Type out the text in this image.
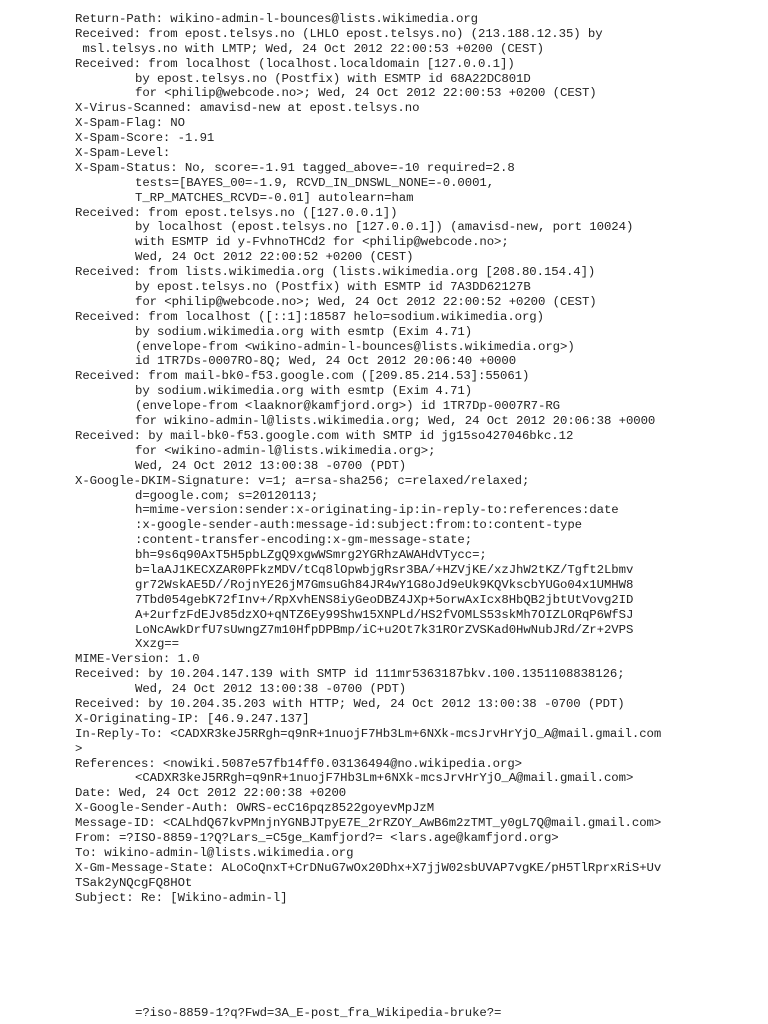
Return-Path: wikino-admin-l-bounces@lists.wikimedia.org
Received: from epost.telsys.no (LHLO epost.telsys.no) (213.188.12.35) by
msl.telsys.no with LMTP; Wed, 24 Oct 2012 22:00:53 +0200 (CEST)
Received: from localhost (localhost.localdomain [127.0.0.1])
by epost.telsys.no (Postfix) with ESMTP id 68A22DC801D
for <philip@webcode.no>; Wed, 24 Oct 2012 22:00:53 +0200 (CEST)
X-Virus-Scanned: amavisd-new at epost.telsys.no
X-Spam-Flag: NO
X-Spam-Score: -1.91
X-Spam-Level:
X-Spam-Status: No, score=-1.91 tagged_above=-10 required=2.8
tests=[BAYES_00=-1.9, RCVD_IN_DNSWL_NONE=-0.0001,
T_RP_MATCHES_RCVD=-0.01] autolearn=ham
Received: from epost.telsys.no ([127.0.0.1])
by localhost (epost.telsys.no [127.0.0.1]) (amavisd-new, port 10024)
with ESMTP id y-FvhnoTHCd2 for <philip@webcode.no>;
Wed, 24 Oct 2012 22:00:52 +0200 (CEST)
Received: from lists.wikimedia.org (lists.wikimedia.org [208.80.154.4])
by epost.telsys.no (Postfix) with ESMTP id 7A3DD62127B
for <philip@webcode.no>; Wed, 24 Oct 2012 22:00:52 +0200 (CEST)
Received: from localhost ([::1]:18587 helo=sodium.wikimedia.org)
by sodium.wikimedia.org with esmtp (Exim 4.71)
(envelope-from <wikino-admin-l-bounces@lists.wikimedia.org>)
id 1TR7Ds-0007RO-8Q; Wed, 24 Oct 2012 20:06:40 +0000
Received: from mail-bk0-f53.google.com ([209.85.214.53]:55061)
by sodium.wikimedia.org with esmtp (Exim 4.71)
(envelope-from <laaknor@kamfjord.org>) id 1TR7Dp-0007R7-RG
for wikino-admin-l@lists.wikimedia.org; Wed, 24 Oct 2012 20:06:38 +0000
Received: by mail-bk0-f53.google.com with SMTP id jg15so427046bkc.12
for <wikino-admin-l@lists.wikimedia.org>;
Wed, 24 Oct 2012 13:00:38 -0700 (PDT)
X-Google-DKIM-Signature: v=1; a=rsa-sha256; c=relaxed/relaxed;
d=google.com; s=20120113;
h=mime-version:sender:x-originating-ip:in-reply-to:references:date
:x-google-sender-auth:message-id:subject:from:to:content-type
:content-transfer-encoding:x-gm-message-state;
bh=9s6q90AxT5H5pbLZgQ9xgwWSmrg2YGRhzAWAHdVTycc=;
b=laAJ1KECXZAR0PFkzMDV/tCq8lOpwbjgRsr3BA/+HZVjKE/xzJhW2tKZ/Tgft2Lbmv
gr72WskAE5D//RojnYE26jM7GmsuGh84JR4wY1G8oJd9eUk9KQVkscbYUGo04x1UMHW8
7Tbd054gebK72fInv+/RpXvhENS8iyGeoDBZ4JXp+5orwAxIcx8HbQB2jbtUtVovg2ID
A+2urfzFdEJv85dzXO+qNTZ6Ey99Shw15XNPLd/HS2fVOMLS53skMh7OIZLORqP6WfSJ
LoNcAwkDrfU7sUwngZ7m10HfpDPBmp/iC+u2Ot7k31ROrZVSKad0HwNubJRd/Zr+2VPS
Xxzg==
MIME-Version: 1.0
Received: by 10.204.147.139 with SMTP id 111mr5363187bkv.100.1351108838126;
Wed, 24 Oct 2012 13:00:38 -0700 (PDT)
Received: by 10.204.35.203 with HTTP; Wed, 24 Oct 2012 13:00:38 -0700 (PDT)
X-Originating-IP: [46.9.247.137]
In-Reply-To: <CADXR3keJ5RRgh=q9nR+1nuojF7Hb3Lm+6NXk-mcsJrvHrYjO_A@mail.gmail.com
>
References: <nowiki.5087e57fb14ff0.03136494@no.wikipedia.org>
<CADXR3keJ5RRgh=q9nR+1nuojF7Hb3Lm+6NXk-mcsJrvHrYjO_A@mail.gmail.com>
Date: Wed, 24 Oct 2012 22:00:38 +0200
X-Google-Sender-Auth: OWRS-ecC16pqz8522goyevMpJzM
Message-ID: <CALhdQ67kvPMnjnYGNBJTpyE7E_2rRZOY_AwB6m2zTMT_y0gL7Q@mail.gmail.com>
From: =?ISO-8859-1?Q?Lars_=C5ge_Kamfjord?= <lars.age@kamfjord.org>
To: wikino-admin-l@lists.wikimedia.org
X-Gm-Message-State: ALoCoQnxT+CrDNuG7wOx20Dhx+X7jjW02sbUVAP7vgKE/pH5TlRprxRiS+Uv
TSak2yNQcgFQ8HOt
Subject: Re: [Wikino-admin-l]
=?iso-8859-1?q?Fwd=3A_E-post_fra_Wikipedia-bruke?=
